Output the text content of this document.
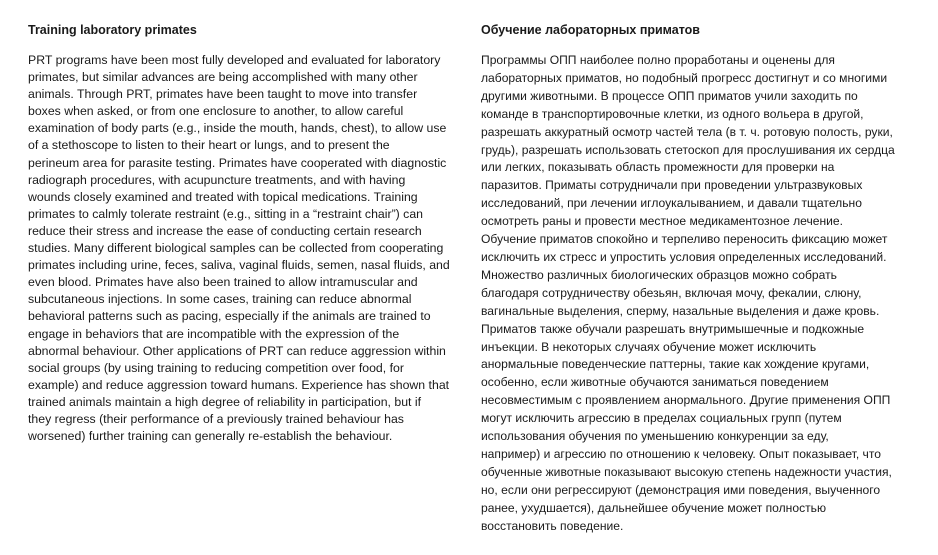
Training laboratory primates
PRT programs have been most fully developed and evaluated for laboratory
primates, but similar advances are being accomplished with many other
animals. Through PRT, primates have been taught to move into transfer
boxes when asked, or from one enclosure to another, to allow careful
examination of body parts (e.g., inside the mouth, hands, chest), to allow use
of a stethoscope to listen to their heart or lungs, and to present the
perineum area for parasite testing. Primates have cooperated with diagnostic
radiograph procedures, with acupuncture treatments, and with having
wounds closely examined and treated with topical medications. Training
primates to calmly tolerate restraint (e.g., sitting in a “restraint chair”) can
reduce their stress and increase the ease of conducting certain research
studies. Many different biological samples can be collected from cooperating
primates including urine, feces, saliva, vaginal fluids, semen, nasal fluids, and
even blood. Primates have also been trained to allow intramuscular and
subcutaneous injections. In some cases, training can reduce abnormal
behavioral patterns such as pacing, especially if the animals are trained to
engage in behaviors that are incompatible with the expression of the
abnormal behaviour. Other applications of PRT can reduce aggression within
social groups (by using training to reducing competition over food, for
example) and reduce aggression toward humans. Experience has shown that
trained animals maintain a high degree of reliability in participation, but if
they regress (their performance of a previously trained behaviour has
worsened) further training can generally re-establish the behaviour.
Обучение лабораторных приматов
Программы ОПП наиболее полно проработаны и оценены для
лабораторных приматов, но подобный прогресс достигнут и со многими
другими животными. В процессе ОПП приматов учили заходить по
команде в транспортировочные клетки, из одного вольера в другой,
разрешать аккуратный осмотр частей тела (в т. ч. ротовую полость, руки,
грудь), разрешать использовать стетоскоп для прослушивания их сердца
или легких, показывать область промежности для проверки на
паразитов. Приматы сотрудничали при проведении ультразвуковых
исследований, при лечении иглоукалыванием, и давали тщательно
осмотреть раны и провести местное медикаментозное лечение.
Обучение приматов спокойно и терпеливо переносить фиксацию может
исключить их стресс и упростить условия определенных исследований.
Множество различных биологических образцов можно собрать
благодаря сотрудничеству обезьян, включая мочу, фекалии, слюну,
вагинальные выделения, сперму, назальные выделения и даже кровь.
Приматов также обучали разрешать внутримышечные и подкожные
инъекции. В некоторых случаях обучение может исключить
анормальные поведенческие паттерны, такие как хождение кругами,
особенно, если животные обучаются заниматься поведением
несовместимым с проявлением анормального. Другие применения ОПП
могут исключить агрессию в пределах социальных групп (путем
использования обучения по уменьшению конкуренции за еду,
например) и агрессию по отношению к человеку. Опыт показывает, что
обученные животные показывают высокую степень надежности участия,
но, если они регрессируют (демонстрация ими поведения, выученного
ранее, ухудшается), дальнейшее обучение может полностью
восстановить поведение.
